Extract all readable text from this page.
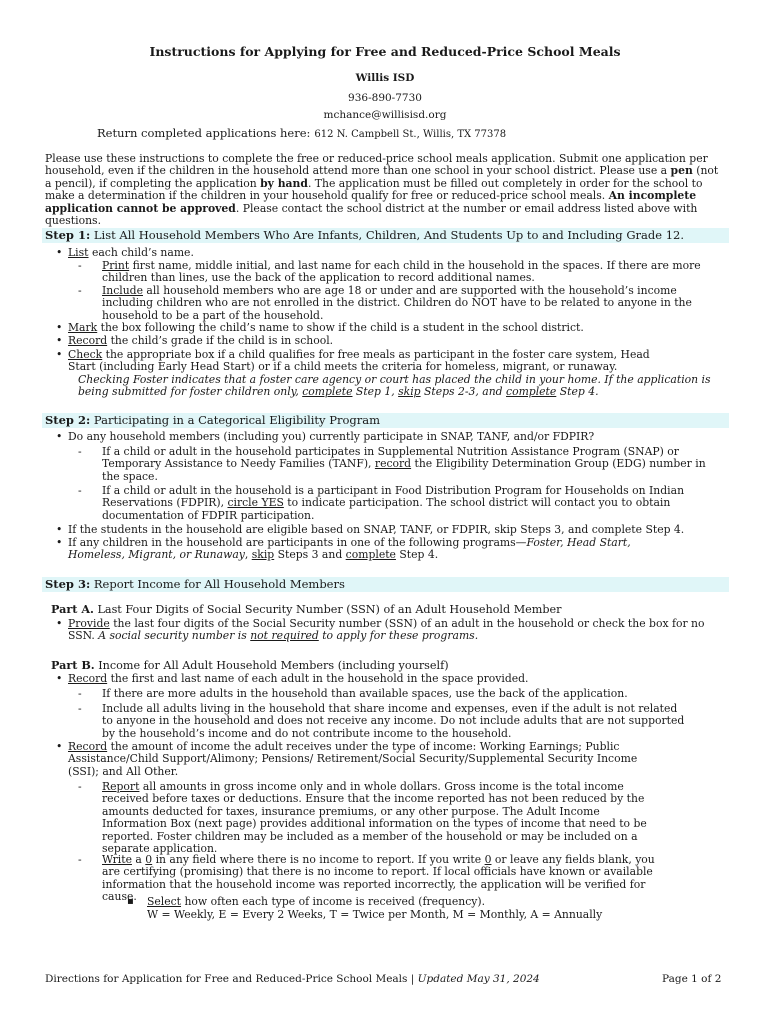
Instructions for Applying for Free and Reduced-Price School Meals
Willis ISD
936-890-7730
mchance@willisisd.org
Return completed applications here: 612 N. Campbell St., Willis, TX 77378
Please use these instructions to complete the free or reduced-price school meals application. Submit one application per household, even if the children in the household attend more than one school in your school district. Please use a pen (not a pencil), if completing the application by hand. The application must be filled out completely in order for the school to make a determination if the children in your household qualify for free or reduced-price school meals. An incomplete application cannot be approved. Please contact the school district at the number or email address listed above with questions.
Step 1: List All Household Members Who Are Infants, Children, And Students Up to and Including Grade 12.
• List each child’s name.
- Print first name, middle initial, and last name for each child in the household in the spaces. If there are more children than lines, use the back of the application to record additional names.
- Include all household members who are age 18 or under and are supported with the household’s income including children who are not enrolled in the district. Children do NOT have to be related to anyone in the household to be a part of the household.
• Mark the box following the child’s name to show if the child is a student in the school district.
• Record the child’s grade if the child is in school.
• Check the appropriate box if a child qualifies for free meals as participant in the foster care system, Head Start (including Early Head Start) or if a child meets the criteria for homeless, migrant, or runaway.
Checking Foster indicates that a foster care agency or court has placed the child in your home. If the application is being submitted for foster children only, complete Step 1, skip Steps 2-3, and complete Step 4.
Step 2: Participating in a Categorical Eligibility Program
• Do any household members (including you) currently participate in SNAP, TANF, and/or FDPIR?
- If a child or adult in the household participates in Supplemental Nutrition Assistance Program (SNAP) or Temporary Assistance to Needy Families (TANF), record the Eligibility Determination Group (EDG) number in the space.
- If a child or adult in the household is a participant in Food Distribution Program for Households on Indian Reservations (FDPIR), circle YES to indicate participation. The school district will contact you to obtain documentation of FDPIR participation.
• If the students in the household are eligible based on SNAP, TANF, or FDPIR, skip Steps 3, and complete Step 4.
• If any children in the household are participants in one of the following programs—Foster, Head Start, Homeless, Migrant, or Runaway, skip Steps 3 and complete Step 4.
Step 3: Report Income for All Household Members
Part A. Last Four Digits of Social Security Number (SSN) of an Adult Household Member
• Provide the last four digits of the Social Security number (SSN) of an adult in the household or check the box for no SSN. A social security number is not required to apply for these programs.
Part B. Income for All Adult Household Members (including yourself)
• Record the first and last name of each adult in the household in the space provided.
- If there are more adults in the household than available spaces, use the back of the application.
- Include all adults living in the household that share income and expenses, even if the adult is not related to anyone in the household and does not receive any income. Do not include adults that are not supported by the household’s income and do not contribute income to the household.
• Record the amount of income the adult receives under the type of income: Working Earnings; Public Assistance/Child Support/Alimony; Pensions/ Retirement/Social Security/Supplemental Security Income (SSI); and All Other.
- Report all amounts in gross income only and in whole dollars. Gross income is the total income received before taxes or deductions. Ensure that the income reported has not been reduced by the amounts deducted for taxes, insurance premiums, or any other purpose. The Adult Income Information Box (next page) provides additional information on the types of income that need to be reported. Foster children may be included as a member of the household or may be included on a separate application.
- Write a 0 in any field where there is no income to report. If you write 0 or leave any fields blank, you are certifying (promising) that there is no income to report. If local officials have known or available information that the household income was reported incorrectly, the application will be verified for cause.
▪ Select how often each type of income is received (frequency).
W = Weekly, E = Every 2 Weeks, T = Twice per Month, M = Monthly, A = Annually
Directions for Application for Free and Reduced-Price School Meals | Updated May 31, 2024	Page 1 of 2
